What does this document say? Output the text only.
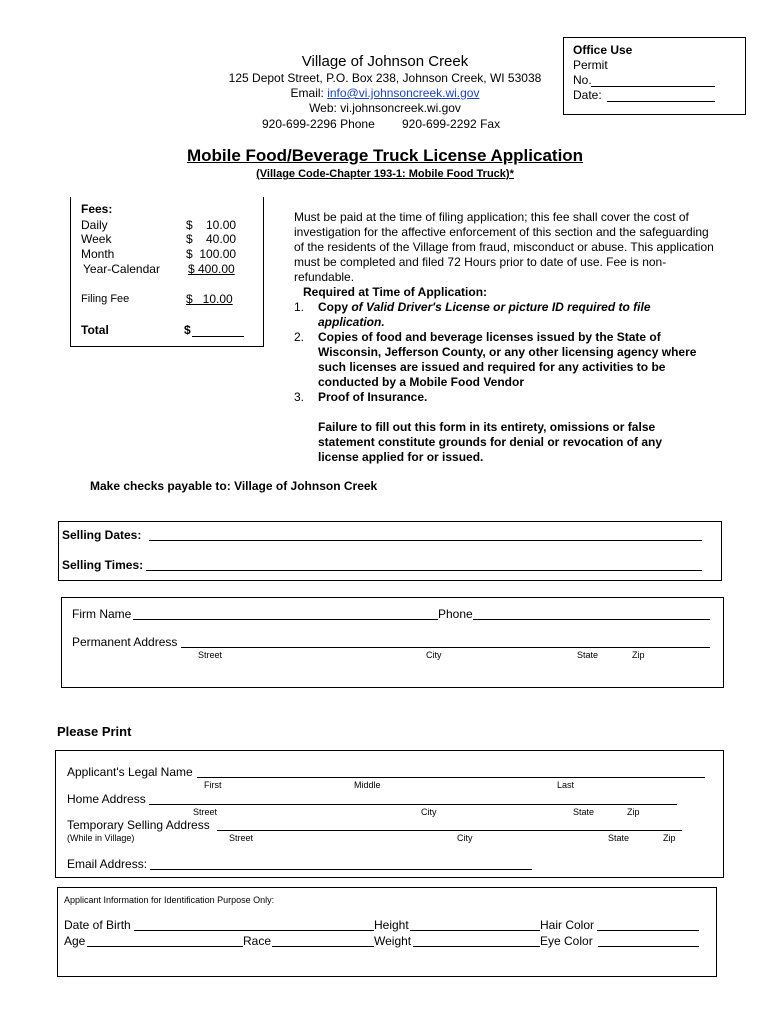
Village of Johnson Creek
125 Depot Street, P.O. Box 238, Johnson Creek, WI 53038
Email: info@vi.johnsoncreek.wi.gov
Web: vi.johnsoncreek.wi.gov
920-699-2296 Phone 920-699-2292 Fax
Office Use
Permit
No.
Date:
Mobile Food/Beverage Truck License Application
(Village Code-Chapter 193-1: Mobile Food Truck)*
Fees:
Daily	$    10.00
Week	$    40.00
Month	$  100.00
Year-Calendar $ 400.00
Filing Fee	$   10.00
Total	$
Must be paid at the time of filing application; this fee shall cover the cost of investigation for the affective enforcement of this section and the safeguarding of the residents of the Village from fraud, misconduct or abuse. This application must be completed and filed 72 Hours prior to date of use. Fee is non-refundable.
Required at Time of Application:
1. Copy of Valid Driver's License or picture ID required to file application.
2. Copies of food and beverage licenses issued by the State of Wisconsin, Jefferson County, or any other licensing agency where such licenses are issued and required for any activities to be conducted by a Mobile Food Vendor
3. Proof of Insurance.
Failure to fill out this form in its entirety, omissions or false statement constitute grounds for denial or revocation of any license applied for or issued.
Make checks payable to: Village of Johnson Creek
Selling Dates:
Selling Times:
Firm Name	Phone
Permanent Address
Street	City	State	Zip
Please Print
Applicant's Legal Name
First	Middle	Last
Home Address
Street	City	State	Zip
Temporary Selling Address
(While in Village)	Street	City	State	Zip
Email Address:
Applicant Information for Identification Purpose Only:
Date of Birth	Height	Hair Color
Age	Race	Weight	Eye Color
